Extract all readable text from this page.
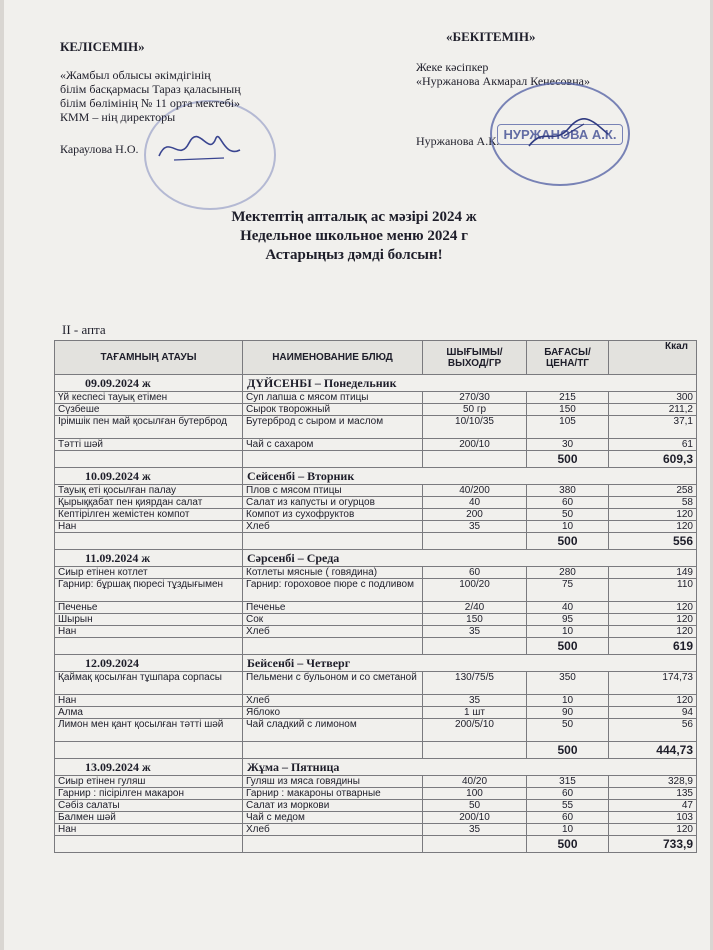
КЕЛІСЕМІН»
«Жамбыл облысы әкімдігінің
білім басқармасы Тараз қаласының
білім бөлімінің № 11 орта мектебі»
КММ – нің директоры
Караулова Н.О.
«БЕКІТЕМІН»
Жеке кәсіпкер
«Нуржанова Акмарал Кенесовна»
Нуржанова А.К. НУРЖАНОВА А.К.
Мектептің апталық ас мәзірі 2024 ж
Недельное школьное меню 2024 г
Астарыңыз дәмді болсын!
II - апта
ТАҒАМНЫҢ АТАУЫ	НАИМЕНОВАНИЕ БЛЮД	ШЫҒЫМЫ/ ВЫХОД/ГР	БАҒАСЫ/ ЦЕНА/ТГ	Ккал
09.09.2024 ж	ДҮЙСЕНБІ – Понедельник			
Үй кеспесі тауық етімен	Суп лапша с мясом птицы	270/30	215	300
Сүзбеше	Сырок творожный	50 гр	150	211,2
Ірімшік пен май қосылған бутерброд	Бутерброд с сыром и маслом	10/10/35	105	37,1
Тәтті шәй	Чай с сахаром	200/10	30	61
			500	609,3
10.09.2024 ж	Сейсенбі – Вторник			
Тауық еті қосылған палау	Плов с мясом птицы	40/200	380	258
Қырыққабат пен қиярдан салат	Салат из капусты и огурцов	40	60	58
Кептірілген жемістен компот	Компот из сухофруктов	200	50	120
Нан	Хлеб	35	10	120
			500	556
11.09.2024 ж	Сәрсенбі – Среда			
Сиыр етінен котлет	Котлеты мясные ( говядина)	60	280	149
Гарнир: бұршақ пюресі тұздығымен	Гарнир: гороховое пюре с подливом	100/20	75	110
Печенье	Печенье	2/40	40	120
Шырын	Сок	150	95	120
Нан	Хлеб	35	10	120
			500	619
12.09.2024	Бейсенбі – Четверг			
Қаймақ қосылған тұшпара сорпасы	Пельмени с бульоном и со сметаной	130/75/5	350	174,73
Нан	Хлеб	35	10	120
Алма	Яблоко	1 шт	90	94
Лимон мен қант қосылған тәтті шәй	Чай сладкий с лимоном	200/5/10	50	56
			500	444,73
13.09.2024 ж	Жұма – Пятница			
Сиыр етінен гуляш	Гуляш из мяса говядины	40/20	315	328,9
Гарнир : пісірілген макарон	Гарнир : макароны отварные	100	60	135
Сәбіз салаты	Салат из моркови	50	55	47
Балмен шәй	Чай с медом	200/10	60	103
Нан	Хлеб	35	10	120
			500	733,9
